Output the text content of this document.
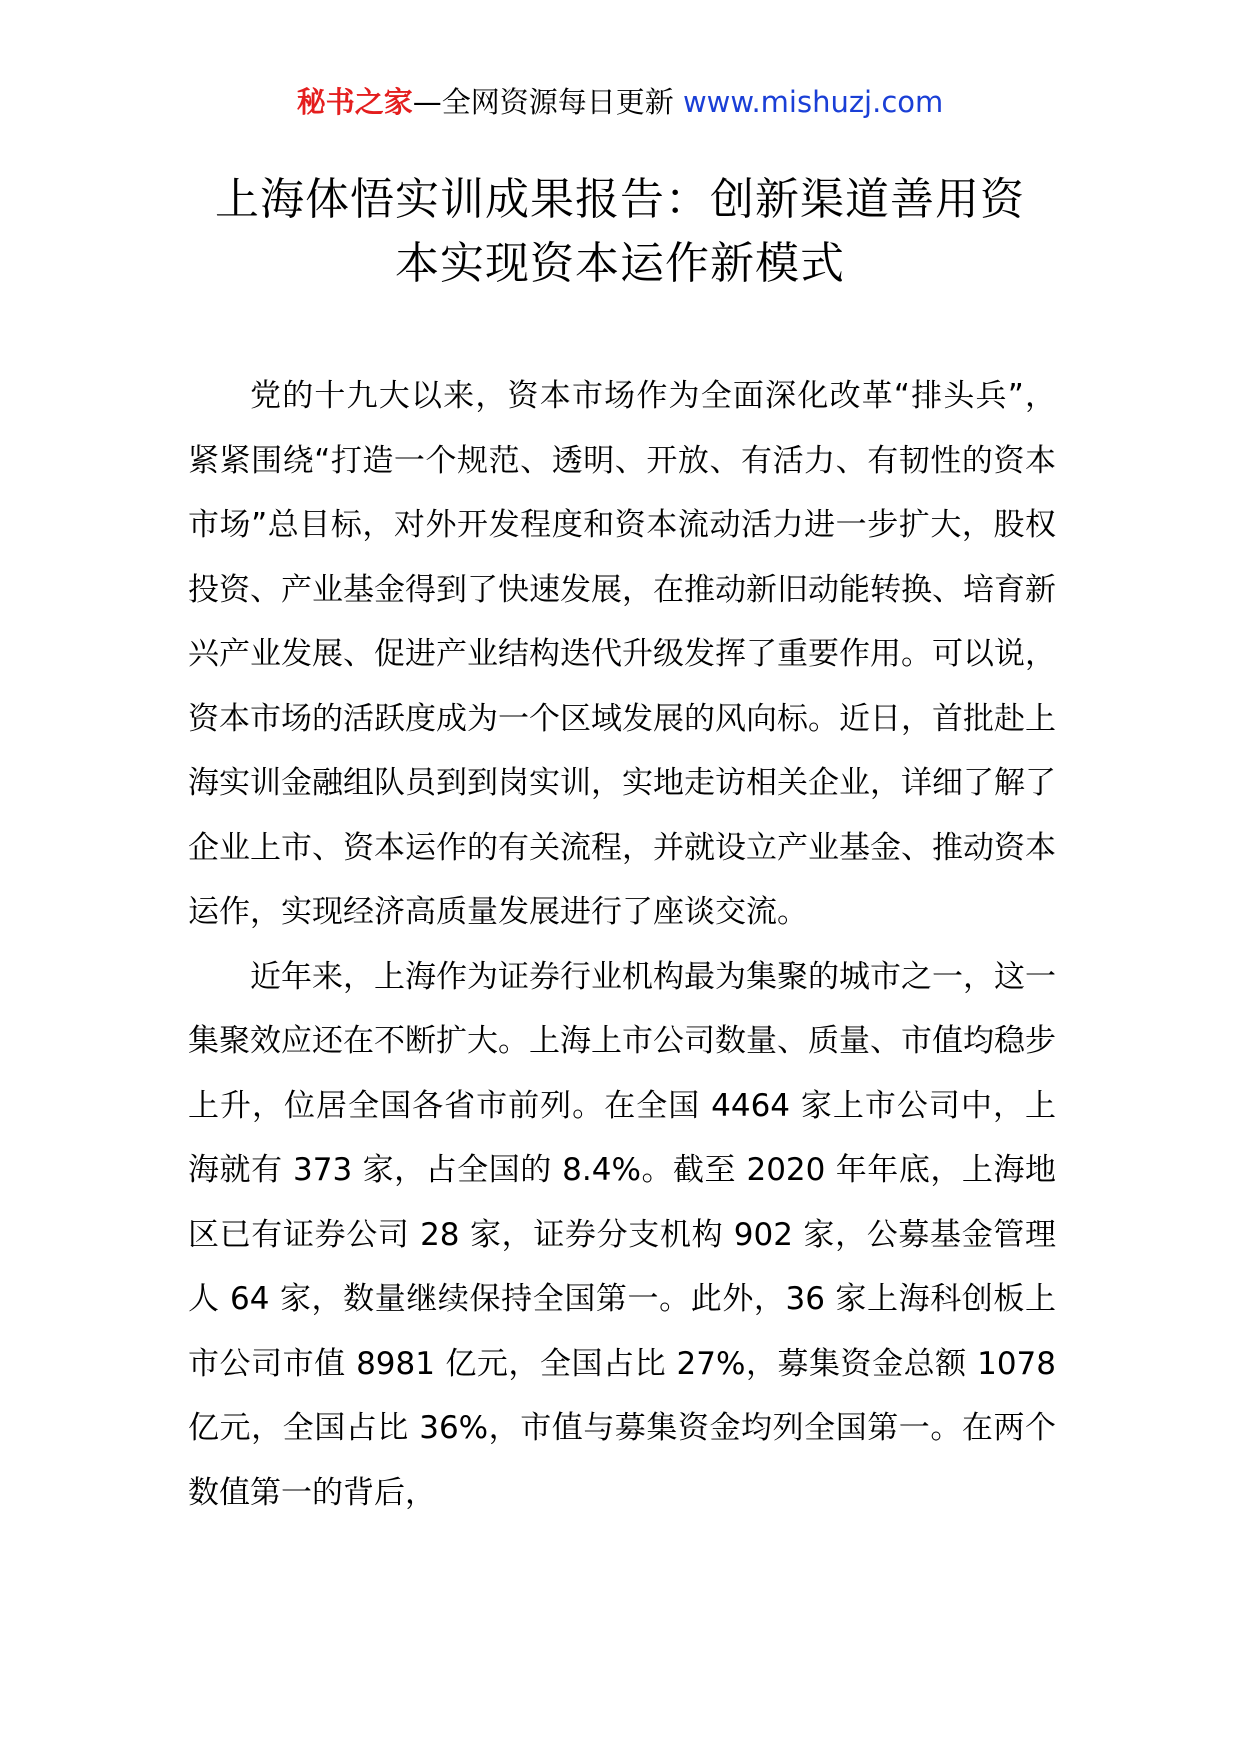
秘书之家—全网资源每日更新 www.mishuzj.com
上海体悟实训成果报告：创新渠道善用资
本实现资本运作新模式

党的十九大以来，资本市场作为全面深化改革“排头兵”，紧紧围绕“打造一个规范、透明、开放、有活力、有韧性的资本市场”总目标，对外开发程度和资本流动活力进一步扩大，股权投资、产业基金得到了快速发展，在推动新旧动能转换、培育新兴产业发展、促进产业结构迭代升级发挥了重要作用。可以说，资本市场的活跃度成为一个区域发展的风向标。近日，首批赴上海实训金融组队员到到岗实训，实地走访相关企业，详细了解了企业上市、资本运作的有关流程，并就设立产业基金、推动资本运作，实现经济高质量发展进行了座谈交流。

近年来，上海作为证券行业机构最为集聚的城市之一，这一集聚效应还在不断扩大。上海上市公司数量、质量、市值均稳步上升，位居全国各省市前列。在全国 4464 家上市公司中，上海就有 373 家，占全国的 8.4%。截至 2020 年年底，上海地区已有证券公司 28 家，证券分支机构 902 家，公募基金管理人 64 家，数量继续保持全国第一。此外，36 家上海科创板上市公司市值 8981 亿元，全国占比 27%，募集资金总额 1078 亿元，全国占比 36%，市值与募集资金均列全国第一。在两个数值第一的背后，
